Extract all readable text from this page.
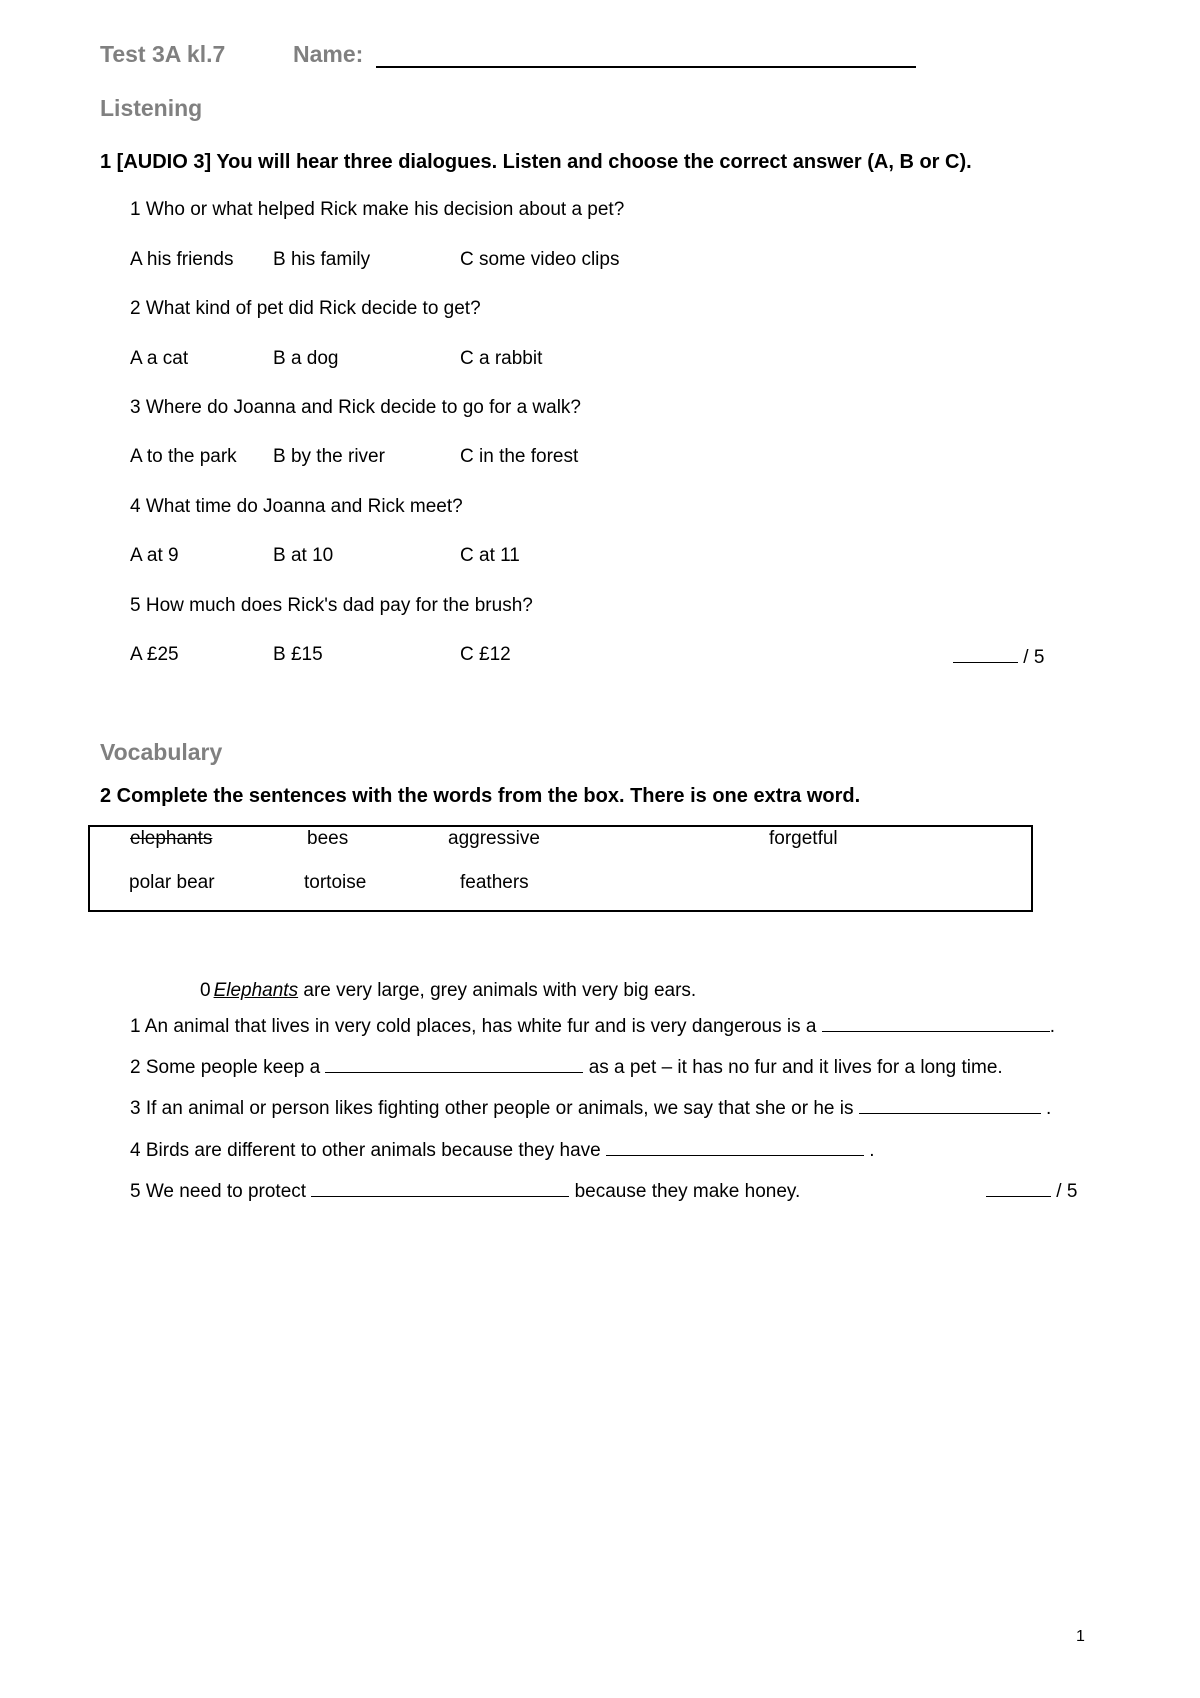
Test 3A kl.7	Name:
Listening
1 [AUDIO 3] You will hear three dialogues. Listen and choose the correct answer (A, B or C).
1 Who or what helped Rick make his decision about a pet?
A his friends B his family	C some video clips
2 What kind of pet did Rick decide to get?
A a cat	B a dog	C a rabbit
3 Where do Joanna and Rick decide to go for a walk?
A to the park B by the river	C in the forest
4 What time do Joanna and Rick meet?
A at 9	B at 10	C at 11
5 How much does Rick's dad pay for the brush?
A £25	B £15	C £12	/ 5
Vocabulary
2 Complete the sentences with the words from the box. There is one extra word.
elephants	bees	aggressive	forgetful
polar bear	tortoise	feathers
0 Elephants are very large, grey animals with very big ears.
1 An animal that lives in very cold places, has white fur and is very dangerous is a	.
2 Some people keep a	as a pet – it has no fur and it lives for a long time.
3 If an animal or person likes fighting other people or animals, we say that she or he is	.
4 Birds are different to other animals because they have	.
5 We need to protect	because they make honey.	/ 5
1
